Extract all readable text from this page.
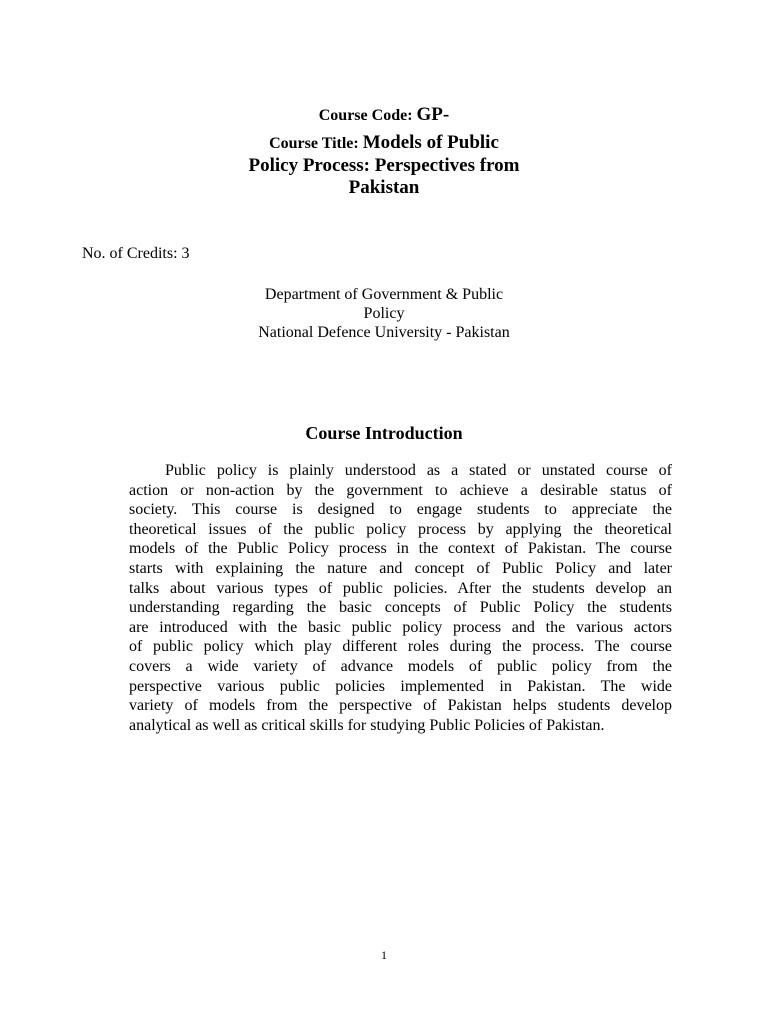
Course Code: GP-
Course Title: Models of Public
Policy Process: Perspectives from
Pakistan
No. of Credits: 3
Department of Government & Public
Policy
National Defence University - Pakistan
Course Introduction
Public policy is plainly understood as a stated or unstated course of
action or non-action by the government to achieve a desirable status of
society. This course is designed to engage students to appreciate the
theoretical issues of the public policy process by applying the theoretical
models of the Public Policy process in the context of Pakistan. The course
starts with explaining the nature and concept of Public Policy and later
talks about various types of public policies. After the students develop an
understanding regarding the basic concepts of Public Policy the students
are introduced with the basic public policy process and the various actors
of public policy which play different roles during the process. The course
covers a wide variety of advance models of public policy from the
perspective various public policies implemented in Pakistan. The wide
variety of models from the perspective of Pakistan helps students develop
analytical as well as critical skills for studying Public Policies of Pakistan.
1
